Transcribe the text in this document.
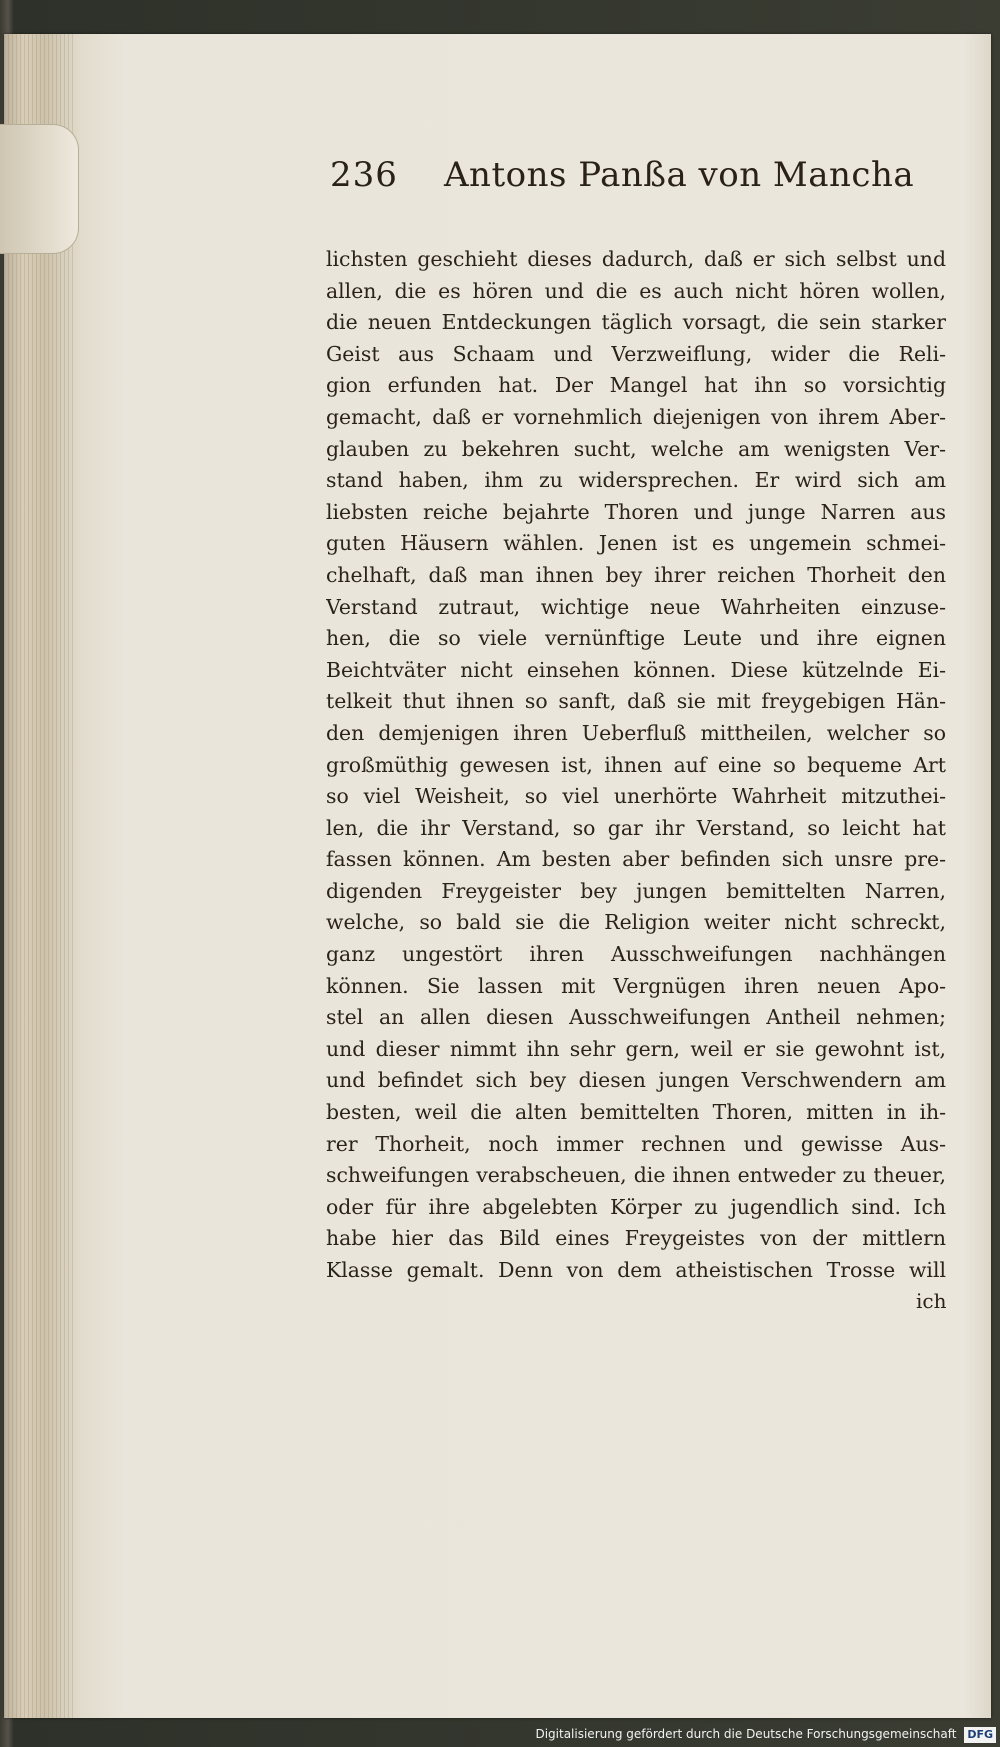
236 Antons Panßa von Mancha
lichsten geschieht dieses dadurch, daß er sich selbst und
allen, die es hören und die es auch nicht hören wollen,
die neuen Entdeckungen täglich vorsagt, die sein starker
Geist aus Schaam und Verzweiflung, wider die Reli-
gion erfunden hat. Der Mangel hat ihn so vorsichtig
gemacht, daß er vornehmlich diejenigen von ihrem Aber-
glauben zu bekehren sucht, welche am wenigsten Ver-
stand haben, ihm zu widersprechen. Er wird sich am
liebsten reiche bejahrte Thoren und junge Narren aus
guten Häusern wählen. Jenen ist es ungemein schmei-
chelhaft, daß man ihnen bey ihrer reichen Thorheit den
Verstand zutraut, wichtige neue Wahrheiten einzuse-
hen, die so viele vernünftige Leute und ihre eignen
Beichtväter nicht einsehen können. Diese kützelnde Ei-
telkeit thut ihnen so sanft, daß sie mit freygebigen Hän-
den demjenigen ihren Ueberfluß mittheilen, welcher so
großmüthig gewesen ist, ihnen auf eine so bequeme Art
so viel Weisheit, so viel unerhörte Wahrheit mitzuthei-
len, die ihr Verstand, so gar ihr Verstand, so leicht hat
fassen können. Am besten aber befinden sich unsre pre-
digenden Freygeister bey jungen bemittelten Narren,
welche, so bald sie die Religion weiter nicht schreckt,
ganz ungestört ihren Ausschweifungen nachhängen
können. Sie lassen mit Vergnügen ihren neuen Apo-
stel an allen diesen Ausschweifungen Antheil nehmen;
und dieser nimmt ihn sehr gern, weil er sie gewohnt ist,
und befindet sich bey diesen jungen Verschwendern am
besten, weil die alten bemittelten Thoren, mitten in ih-
rer Thorheit, noch immer rechnen und gewisse Aus-
schweifungen verabscheuen, die ihnen entweder zu theuer,
oder für ihre abgelebten Körper zu jugendlich sind. Ich
habe hier das Bild eines Freygeistes von der mittlern
Klasse gemalt. Denn von dem atheistischen Trosse will
ich
Digitalisierung gefördert durch die Deutsche Forschungsgemeinschaft DFG
